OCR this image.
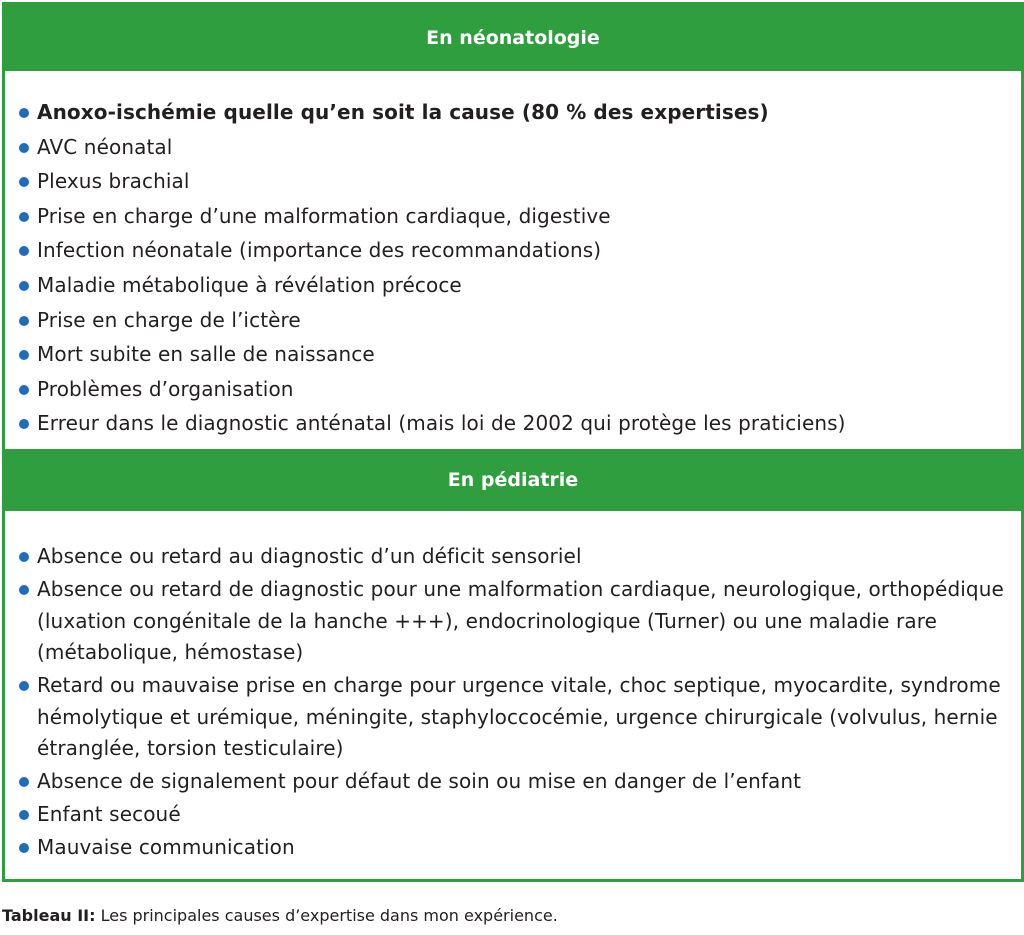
En néonatologie
Anoxo-ischémie quelle qu’en soit la cause (80 % des expertises)
AVC néonatal
Plexus brachial
Prise en charge d’une malformation cardiaque, digestive
Infection néonatale (importance des recommandations)
Maladie métabolique à révélation précoce
Prise en charge de l’ictère
Mort subite en salle de naissance
Problèmes d’organisation
Erreur dans le diagnostic anténatal (mais loi de 2002 qui protège les praticiens)
En pédiatrie
Absence ou retard au diagnostic d’un déficit sensoriel
Absence ou retard de diagnostic pour une malformation cardiaque, neurologique, orthopédique (luxation congénitale de la hanche +++), endocrinologique (Turner) ou une maladie rare (métabolique, hémostase)
Retard ou mauvaise prise en charge pour urgence vitale, choc septique, myocardite, syndrome hémolytique et urémique, méningite, staphyloccocémie, urgence chirurgicale (volvulus, hernie étranglée, torsion testiculaire)
Absence de signalement pour défaut de soin ou mise en danger de l’enfant
Enfant secoué
Mauvaise communication
Tableau II: Les principales causes d’expertise dans mon expérience.
